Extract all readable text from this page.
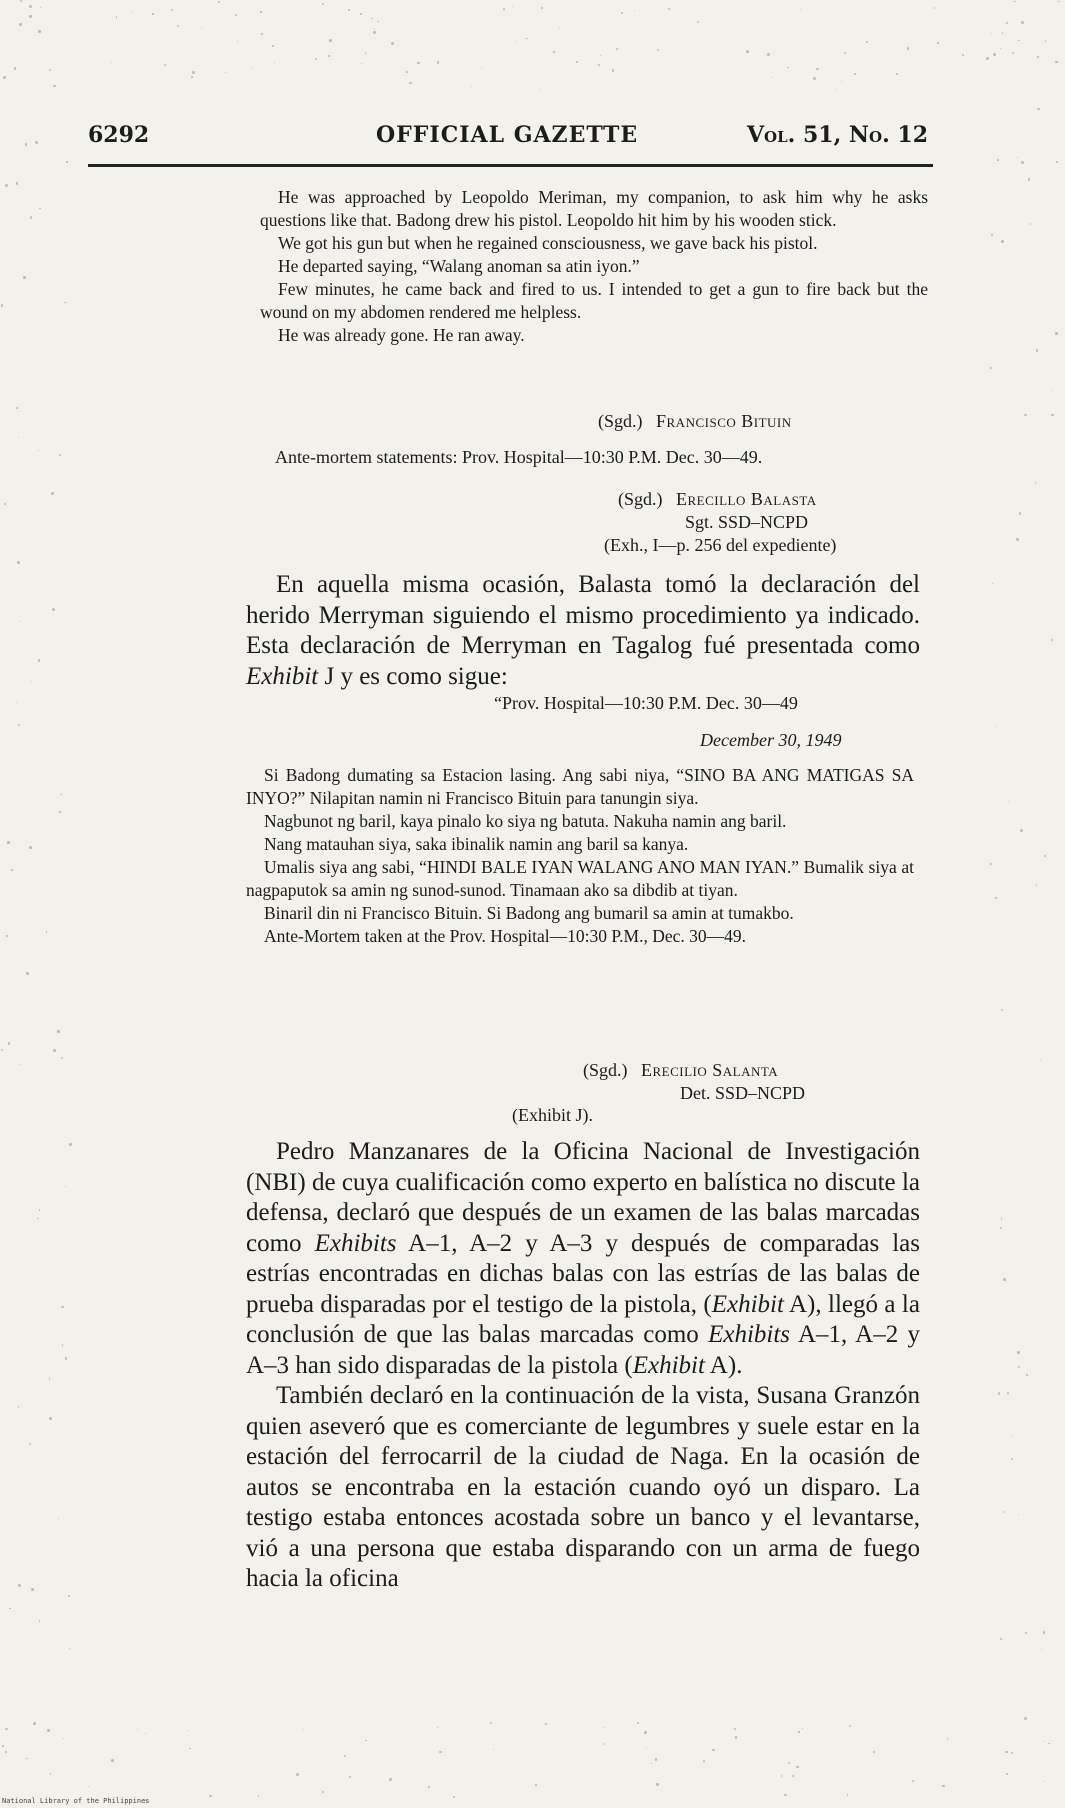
6292	OFFICIAL GAZETTE	Vol. 51, No. 12

He was approached by Leopoldo Meriman, my companion, to ask him why he asks questions like that. Badong drew his pistol. Leopoldo hit him by his wooden stick.

We got his gun but when he regained consciousness, we gave back his pistol.

He departed saying, “Walang anoman sa atin iyon.”

Few minutes, he came back and fired to us. I intended to get a gun to fire back but the wound on my abdomen rendered me helpless.

He was already gone. He ran away.

(Sgd.) Francisco Bituin
Ante-mortem statements: Prov. Hospital—10:30 P.M. Dec. 30—49.
(Sgd.) Erecillo Balasta
Sgt. SSD–NCPD
(Exh., I—p. 256 del expediente)

En aquella misma ocasión, Balasta tomó la declaración del herido Merryman siguiendo el mismo procedimiento ya indicado. Esta declaración de Merryman en Tagalog fué presentada como Exhibit J y es como sigue:

“Prov. Hospital—10:30 P.M. Dec. 30—49
December 30, 1949

Si Badong dumating sa Estacion lasing. Ang sabi niya, “SINO BA ANG MATIGAS SA INYO?” Nilapitan namin ni Francisco Bituin para tanungin siya.

Nagbunot ng baril, kaya pinalo ko siya ng batuta. Nakuha namin ang baril.

Nang matauhan siya, saka ibinalik namin ang baril sa kanya.

Umalis siya ang sabi, “HINDI BALE IYAN WALANG ANO MAN IYAN.” Bumalik siya at nagpaputok sa amin ng sunod-sunod. Tinamaan ako sa dibdib at tiyan.

Binaril din ni Francisco Bituin. Si Badong ang bumaril sa amin at tumakbo.

Ante-Mortem taken at the Prov. Hospital—10:30 P.M., Dec. 30—49.

(Sgd.) Erecilio Salanta
Det. SSD–NCPD
(Exhibit J).

Pedro Manzanares de la Oficina Nacional de Investigación (NBI) de cuya cualificación como experto en balística no discute la defensa, declaró que después de un examen de las balas marcadas como Exhibits A–1, A–2 y A–3 y después de comparadas las estrías encontradas en dichas balas con las estrías de las balas de prueba disparadas por el testigo de la pistola, (Exhibit A), llegó a la conclusión de que las balas marcadas como Exhibits A–1, A–2 y A–3 han sido disparadas de la pistola (Exhibit A).

También declaró en la continuación de la vista, Susana Granzón quien aseveró que es comerciante de legumbres y suele estar en la estación del ferrocarril de la ciudad de Naga. En la ocasión de autos se encontraba en la estación cuando oyó un disparo. La testigo estaba entonces acostada sobre un banco y el levantarse, vió a una persona que estaba disparando con un arma de fuego hacia la oficina

National Library of the Philippines
